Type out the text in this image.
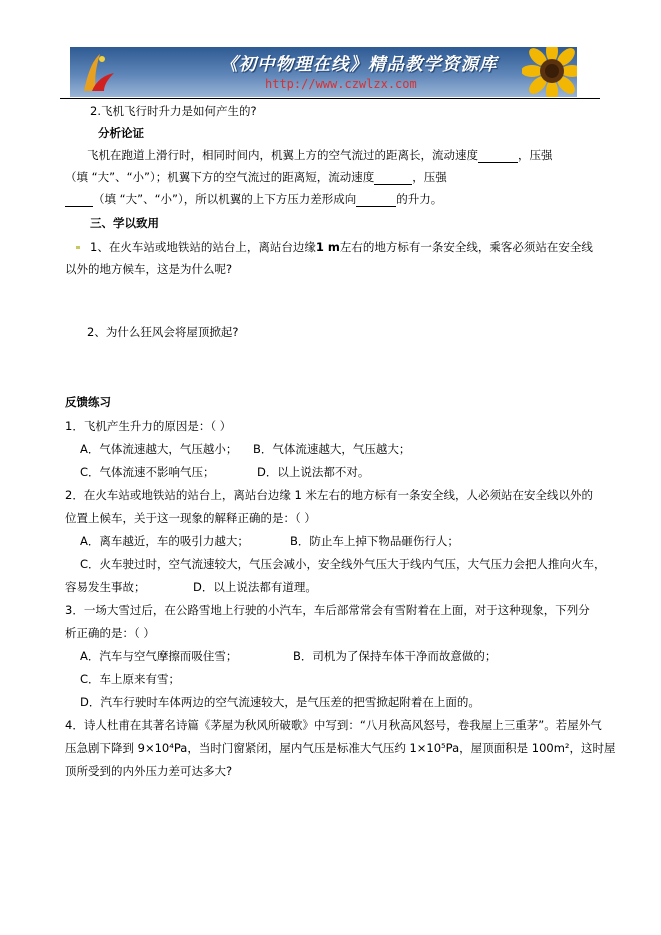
《初中物理在线》精品教学资源库
http://www.czwlzx.com
2.飞机飞行时升力是如何产生的?
分析论证
飞机在跑道上滑行时，相同时间内，机翼上方的空气流过的距离长，流动速度	，压强
（填 “大”、“小”）；机翼下方的空气流过的距离短，流动速度	，压强
（填 “大”、“小”），所以机翼的上下方压力差形成向	的升力。
三、学以致用
1、在火车站或地铁站的站台上，离站台边缘1 m左右的地方标有一条安全线，乘客必须站在安全线
以外的地方候车，这是为什么呢?
2、为什么狂风会将屋顶掀起?
反馈练习
1．飞机产生升力的原因是：（ ）
A．气体流速越大，气压越小； B．气体流速越大，气压越大；
C．气体流速不影响气压；	D．以上说法都不对。
2．在火车站或地铁站的站台上，离站台边缘 1 米左右的地方标有一条安全线，人必须站在安全线以外的
位置上候车，关于这一现象的解释正确的是：（ ）
A．离车越近，车的吸引力越大；	B．防止车上掉下物品砸伤行人；
C．火车驶过时，空气流速较大，气压会减小，安全线外气压大于线内气压，大气压力会把人推向火车，
容易发生事故；	D．以上说法都有道理。
3．一场大雪过后，在公路雪地上行驶的小汽车，车后部常常会有雪附着在上面，对于这种现象，下列分
析正确的是：（ ）
A．汽车与空气摩擦而吸住雪；	B．司机为了保持车体干净而故意做的；
C．车上原来有雪；
D．汽车行驶时车体两边的空气流速较大，是气压差的把雪掀起附着在上面的。
4．诗人杜甫在其著名诗篇《茅屋为秋风所破歌》中写到：“八月秋高风怒号，卷我屋上三重茅”。若屋外气
压急剧下降到 9×10⁴Pa，当时门窗紧闭，屋内气压是标准大气压约 1×10⁵Pa，屋顶面积是 100m²，这时屋
顶所受到的内外压力差可达多大?
